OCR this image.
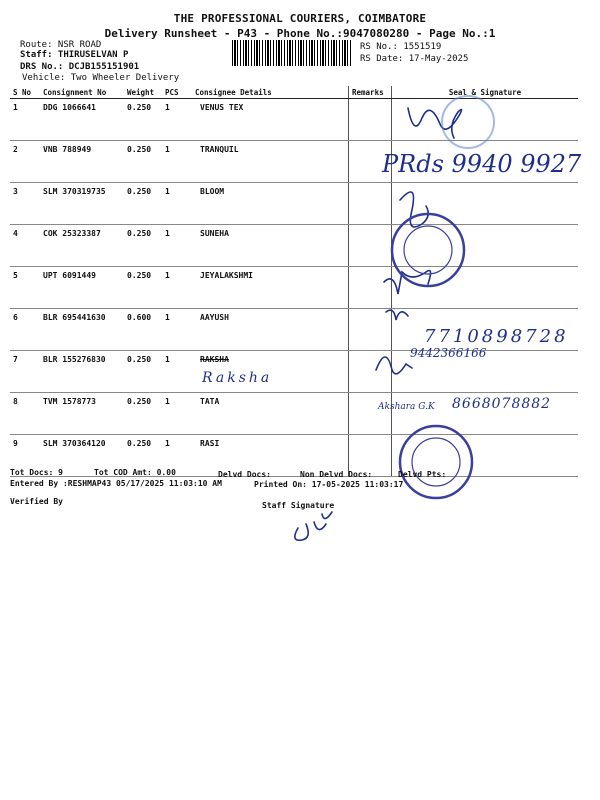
THE PROFESSIONAL COURIERS, COIMBATORE
Delivery Runsheet - P43 - Phone No.:9047080280 - Page No.:1
Route: NSR ROAD
Staff: THIRUSELVAN P
DRS No.: DCJB155151901
Vehicle: Two Wheeler Delivery
RS No.: 1551519
RS Date: 17-May-2025
S No	Consignment No	Weight	PCS	Consignee Details	Remarks	Seal & Signature
1	DDG 1066641	0.250	1	VENUS TEX		
2	VNB 788949	0.250	1	TRANQUIL		
3	SLM 370319735	0.250	1	BLOOM		
4	COK 25323387	0.250	1	SUNEHA		
5	UPT 6091449	0.250	1	JEYALAKSHMI		
6	BLR 695441630	0.600	1	AAYUSH		
7	BLR 155276830	0.250	1	RAKSHA		
8	TVM 1578773	0.250	1	TATA		
9	SLM 370364120	0.250	1	RASI		
PRds 9940 9927
7710898728
9442366166
Raksha
Akshara G.K 8668078882
Tot Docs: 9	Tot COD Amt: 0.00	Delvd Docs:	Non Delvd Docs:	Delvd Pts:
Entered By :RESHMAP43 05/17/2025 11:03:10 AM	Printed On: 17-05-2025 11:03:17
Verified By	Staff Signature
